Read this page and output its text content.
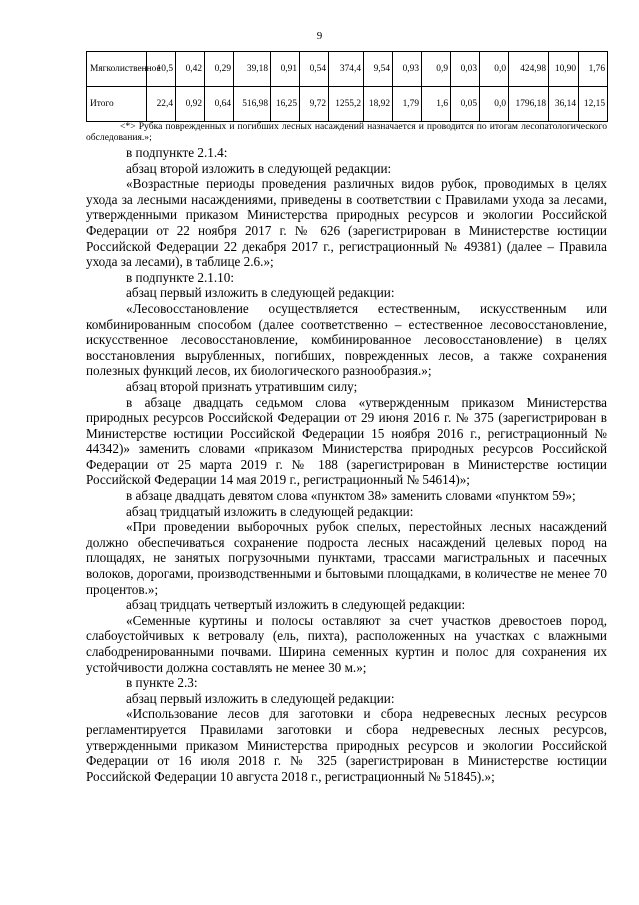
9
Мягколиственное	10,5	0,42	0,29	39,18	0,91	0,54	374,4	9,54	0,93	0,9	0,03	0,0	424,98	10,90	1,76
Итого	22,4	0,92	0,64	516,98	16,25	9,72	1255,2	18,92	1,79	1,6	0,05	0,0	1796,18	36,14	12,15
<*> Рубка поврежденных и погибших лесных насаждений назначается и проводится по итогам лесопатологического обследования.»;

в подпункте 2.1.4:

абзац второй изложить в следующей редакции:

«Возрастные периоды проведения различных видов рубок, проводимых в целях ухода за лесными насаждениями, приведены в соответствии с Правилами ухода за лесами, утвержденными приказом Министерства природных ресурсов и экологии Российской Федерации от 22 ноября 2017 г. № 626 (зарегистрирован в Министерстве юстиции Российской Федерации 22 декабря 2017 г., регистрационный № 49381) (далее – Правила ухода за лесами), в таблице 2.6.»;

в подпункте 2.1.10:

абзац первый изложить в следующей редакции:

«Лесовосстановление осуществляется естественным, искусственным или комбинированным способом (далее соответственно – естественное лесовосстановление, искусственное лесовосстановление, комбинированное лесовосстановление) в целях восстановления вырубленных, погибших, поврежденных лесов, а также сохранения полезных функций лесов, их биологического разнообразия.»;

абзац второй признать утратившим силу;

в абзаце двадцать седьмом слова «утвержденным приказом Министерства природных ресурсов Российской Федерации от 29 июня 2016 г. № 375 (зарегистрирован в Министерстве юстиции Российской Федерации 15 ноября 2016 г., регистрационный № 44342)» заменить словами «приказом Министерства природных ресурсов Российской Федерации от 25 марта 2019 г. № 188 (зарегистрирован в Министерстве юстиции Российской Федерации 14 мая 2019 г., регистрационный № 54614)»;

в абзаце двадцать девятом слова «пунктом 38» заменить словами «пунктом 59»;

абзац тридцатый изложить в следующей редакции:

«При проведении выборочных рубок спелых, перестойных лесных насаждений должно обеспечиваться сохранение подроста лесных насаждений целевых пород на площадях, не занятых погрузочными пунктами, трассами магистральных и пасечных волоков, дорогами, производственными и бытовыми площадками, в количестве не менее 70 процентов.»;

абзац тридцать четвертый изложить в следующей редакции:

«Семенные куртины и полосы оставляют за счет участков древостоев пород, слабоустойчивых к ветровалу (ель, пихта), расположенных на участках с влажными слабодренированными почвами. Ширина семенных куртин и полос для сохранения их устойчивости должна составлять не менее 30 м.»;

в пункте 2.3:

абзац первый изложить в следующей редакции:

«Использование лесов для заготовки и сбора недревесных лесных ресурсов регламентируется Правилами заготовки и сбора недревесных лесных ресурсов, утвержденными приказом Министерства природных ресурсов и экологии Российской Федерации от 16 июля 2018 г. № 325 (зарегистрирован в Министерстве юстиции Российской Федерации 10 августа 2018 г., регистрационный № 51845).»;
